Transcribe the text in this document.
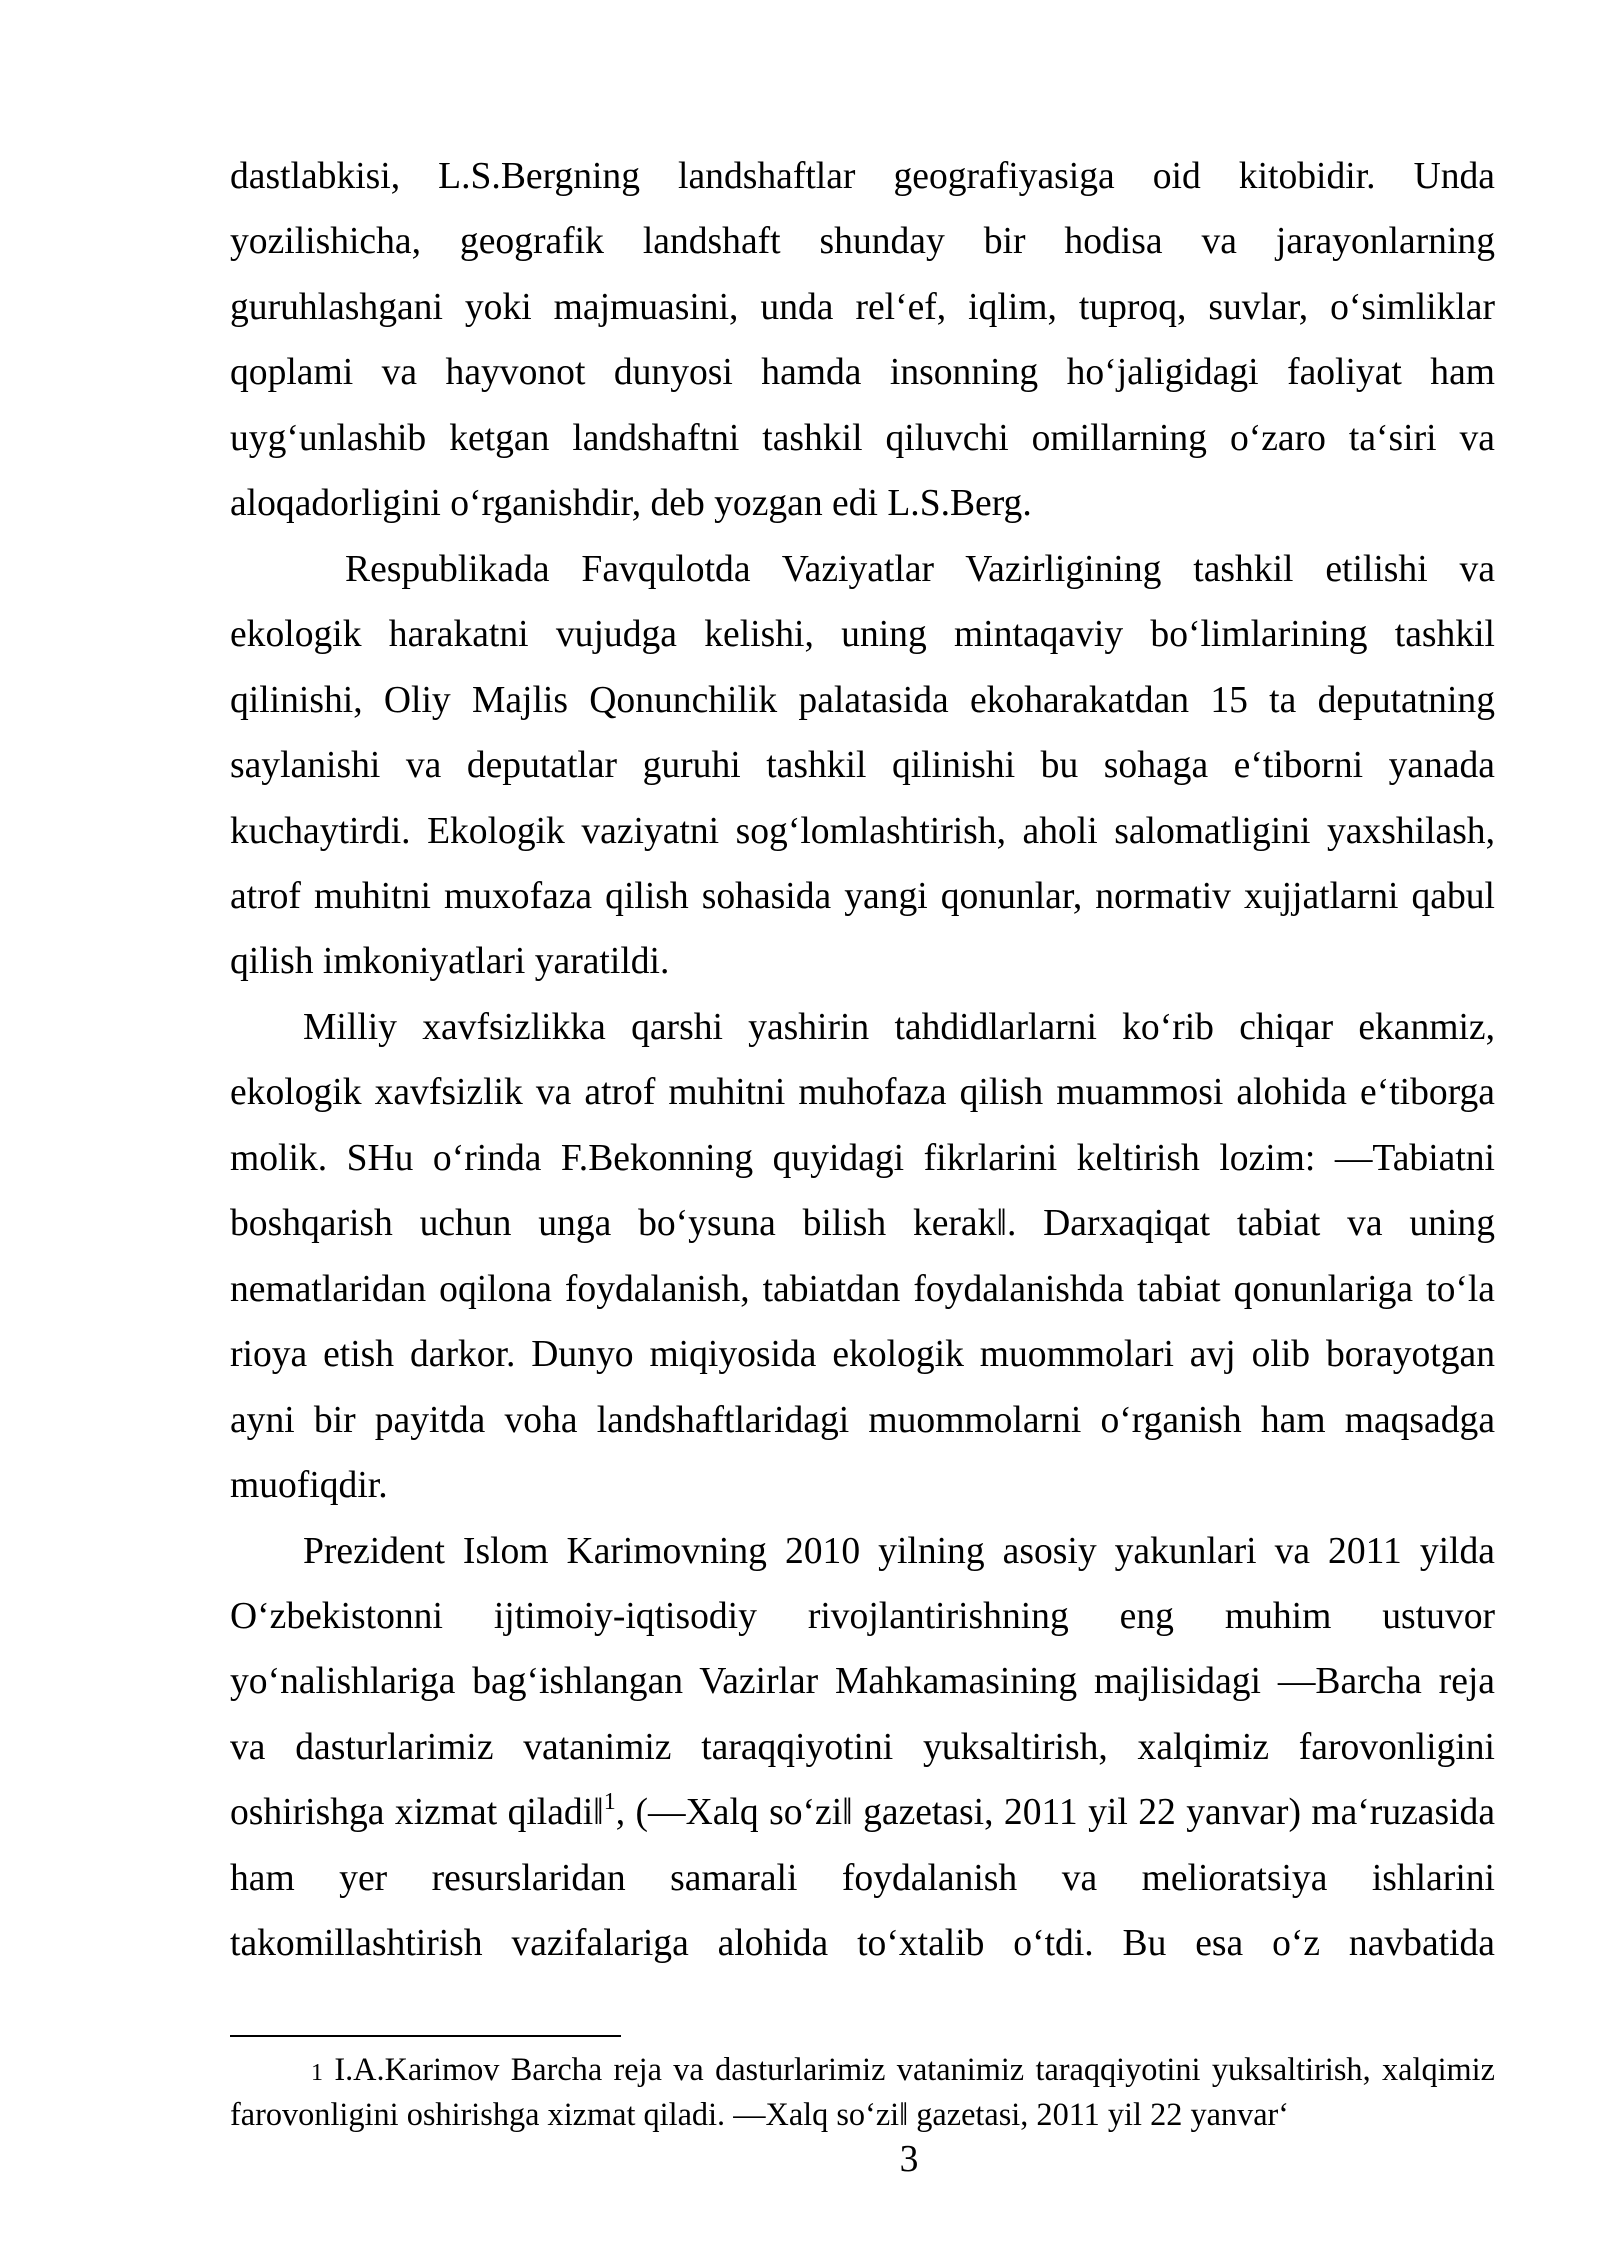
dastlabkisi, L.S.Bergning landshaftlar geografiyasiga oid kitobidir. Unda
yozilishicha, geografik landshaft shunday bir hodisa va jarayonlarning
guruhlashgani yoki majmuasini, unda rel‘ef, iqlim, tuproq, suvlar, o‘simliklar
qoplami va hayvonot dunyosi hamda insonning ho‘jaligidagi faoliyat ham
uyg‘unlashib ketgan landshaftni tashkil qiluvchi omillarning o‘zaro ta‘siri va
aloqadorligini o‘rganishdir, deb yozgan edi L.S.Berg.
Respublikada Favqulotda Vaziyatlar Vazirligining tashkil etilishi va
ekologik harakatni vujudga kelishi, uning mintaqaviy bo‘limlarining tashkil
qilinishi, Oliy Majlis Qonunchilik palatasida ekoharakatdan 15 ta deputatning
saylanishi va deputatlar guruhi tashkil qilinishi bu sohaga e‘tiborni yanada
kuchaytirdi. Ekologik vaziyatni sog‘lomlashtirish, aholi salomatligini yaxshilash,
atrof muhitni muxofaza qilish sohasida yangi qonunlar, normativ xujjatlarni qabul
qilish imkoniyatlari yaratildi.
Milliy xavfsizlikka qarshi yashirin tahdidlarlarni ko‘rib chiqar ekanmiz,
ekologik xavfsizlik va atrof muhitni muhofaza qilish muammosi alohida e‘tiborga
molik. SHu o‘rinda F.Bekonning quyidagi fikrlarini keltirish lozim: ―Tabiatni
boshqarish uchun unga bo‘ysuna bilish kerak‖. Darxaqiqat tabiat va uning
nematlaridan oqilona foydalanish, tabiatdan foydalanishda tabiat qonunlariga to‘la
rioya etish darkor. Dunyo miqiyosida ekologik muommolari avj olib borayotgan
ayni bir payitda voha landshaftlaridagi muommolarni o‘rganish ham maqsadga
muofiqdir.
Prezident Islom Karimovning 2010 yilning asosiy yakunlari va 2011 yilda
O‘zbekistonni ijtimoiy-iqtisodiy rivojlantirishning eng muhim ustuvor
yo‘nalishlariga bag‘ishlangan Vazirlar Mahkamasining majlisidagi ―Barcha reja
va dasturlarimiz vatanimiz taraqqiyotini yuksaltirish, xalqimiz farovonligini
oshirishga xizmat qiladi‖$^1$, (―Xalq so‘zi‖ gazetasi, 2011 yil 22 yanvar) ma‘ruzasida
ham yer resurslaridan samarali foydalanish va melioratsiya ishlarini
takomillashtirish vazifalariga alohida to‘xtalib o‘tdi. Bu esa o‘z navbatida
1 I.A.Karimov Barcha reja va dasturlarimiz vatanimiz taraqqiyotini yuksaltirish, xalqimiz
farovonligini oshirishga xizmat qiladi. ―Xalq so‘zi‖ gazetasi, 2011 yil 22 yanvar‘
3
